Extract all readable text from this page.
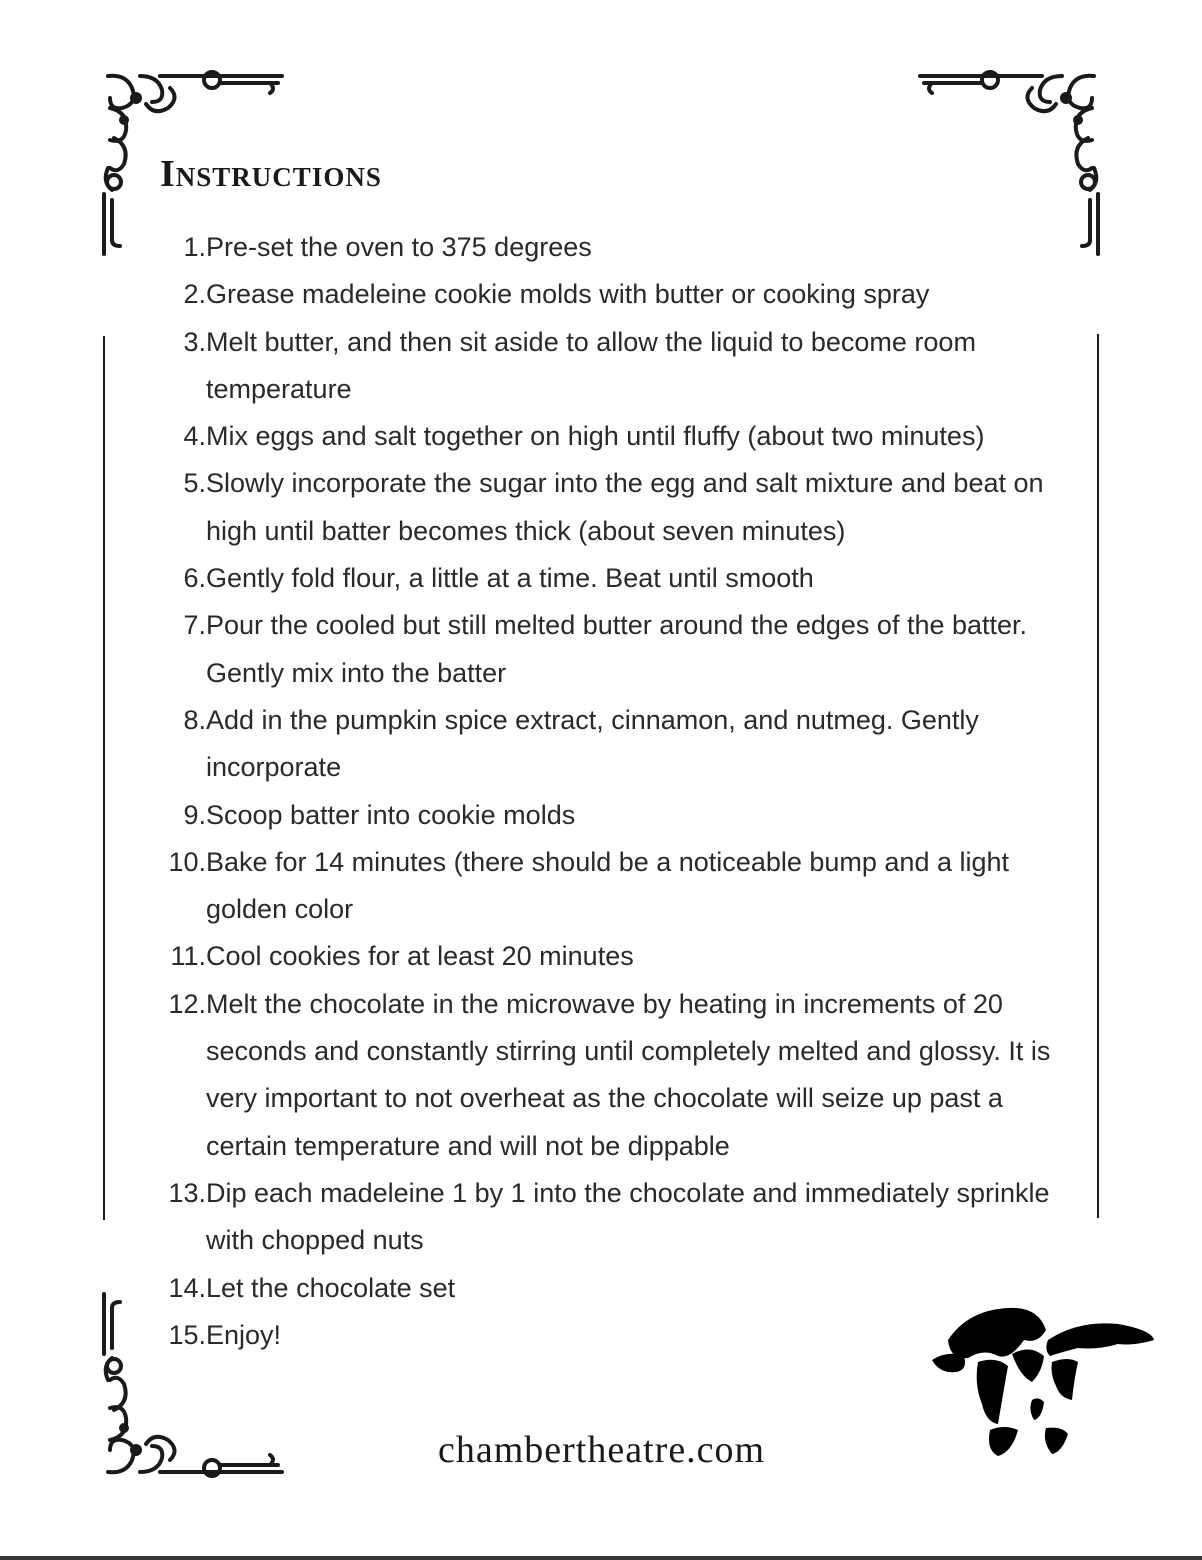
Instructions
1. Pre-set the oven to 375 degrees
2. Grease madeleine cookie molds with butter or cooking spray
3. Melt butter, and then sit aside to allow the liquid to become room temperature
4. Mix eggs and salt together on high until fluffy (about two minutes)
5. Slowly incorporate the sugar into the egg and salt mixture and beat on high until batter becomes thick (about seven minutes)
6. Gently fold flour, a little at a time. Beat until smooth
7. Pour the cooled but still melted butter around the edges of the batter. Gently mix into the batter
8. Add in the pumpkin spice extract, cinnamon, and nutmeg. Gently incorporate
9. Scoop batter into cookie molds
10. Bake for 14 minutes (there should be a noticeable bump and a light golden color
11. Cool cookies for at least 20 minutes
12. Melt the chocolate in the microwave by heating in increments of 20 seconds and constantly stirring until completely melted and glossy. It is very important to not overheat as the chocolate will seize up past a certain temperature and will not be dippable
13. Dip each madeleine 1 by 1 into the chocolate and immediately sprinkle with chopped nuts
14. Let the chocolate set
15. Enjoy!
chambertheatre.com
